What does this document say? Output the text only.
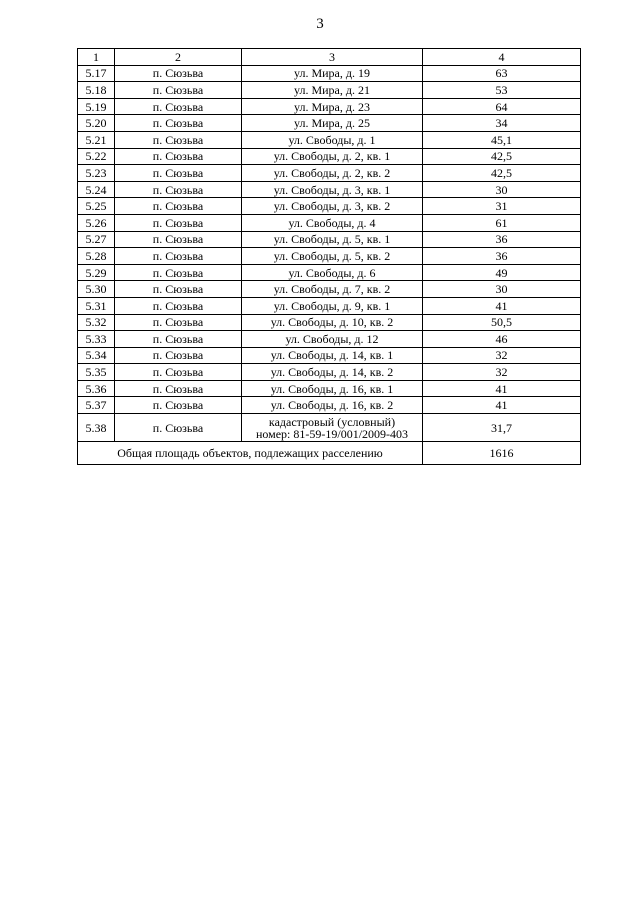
3
1	2	3	4
5.17	п. Сюзьва	ул. Мира, д. 19	63
5.18	п. Сюзьва	ул. Мира, д. 21	53
5.19	п. Сюзьва	ул. Мира, д. 23	64
5.20	п. Сюзьва	ул. Мира, д. 25	34
5.21	п. Сюзьва	ул. Свободы, д. 1	45,1
5.22	п. Сюзьва	ул. Свободы, д. 2, кв. 1	42,5
5.23	п. Сюзьва	ул. Свободы, д. 2, кв. 2	42,5
5.24	п. Сюзьва	ул. Свободы, д. 3, кв. 1	30
5.25	п. Сюзьва	ул. Свободы, д. 3, кв. 2	31
5.26	п. Сюзьва	ул. Свободы, д. 4	61
5.27	п. Сюзьва	ул. Свободы, д. 5, кв. 1	36
5.28	п. Сюзьва	ул. Свободы, д. 5, кв. 2	36
5.29	п. Сюзьва	ул. Свободы, д. 6	49
5.30	п. Сюзьва	ул. Свободы, д. 7, кв. 2	30
5.31	п. Сюзьва	ул. Свободы, д. 9, кв. 1	41
5.32	п. Сюзьва	ул. Свободы, д. 10, кв. 2	50,5
5.33	п. Сюзьва	ул. Свободы, д. 12	46
5.34	п. Сюзьва	ул. Свободы, д. 14, кв. 1	32
5.35	п. Сюзьва	ул. Свободы, д. 14, кв. 2	32
5.36	п. Сюзьва	ул. Свободы, д. 16, кв. 1	41
5.37	п. Сюзьва	ул. Свободы, д. 16, кв. 2	41
5.38	п. Сюзьва	кадастровый (условный)
номер: 81-59-19/001/2009-403	31,7
Общая площадь объектов, подлежащих расселению			1616
